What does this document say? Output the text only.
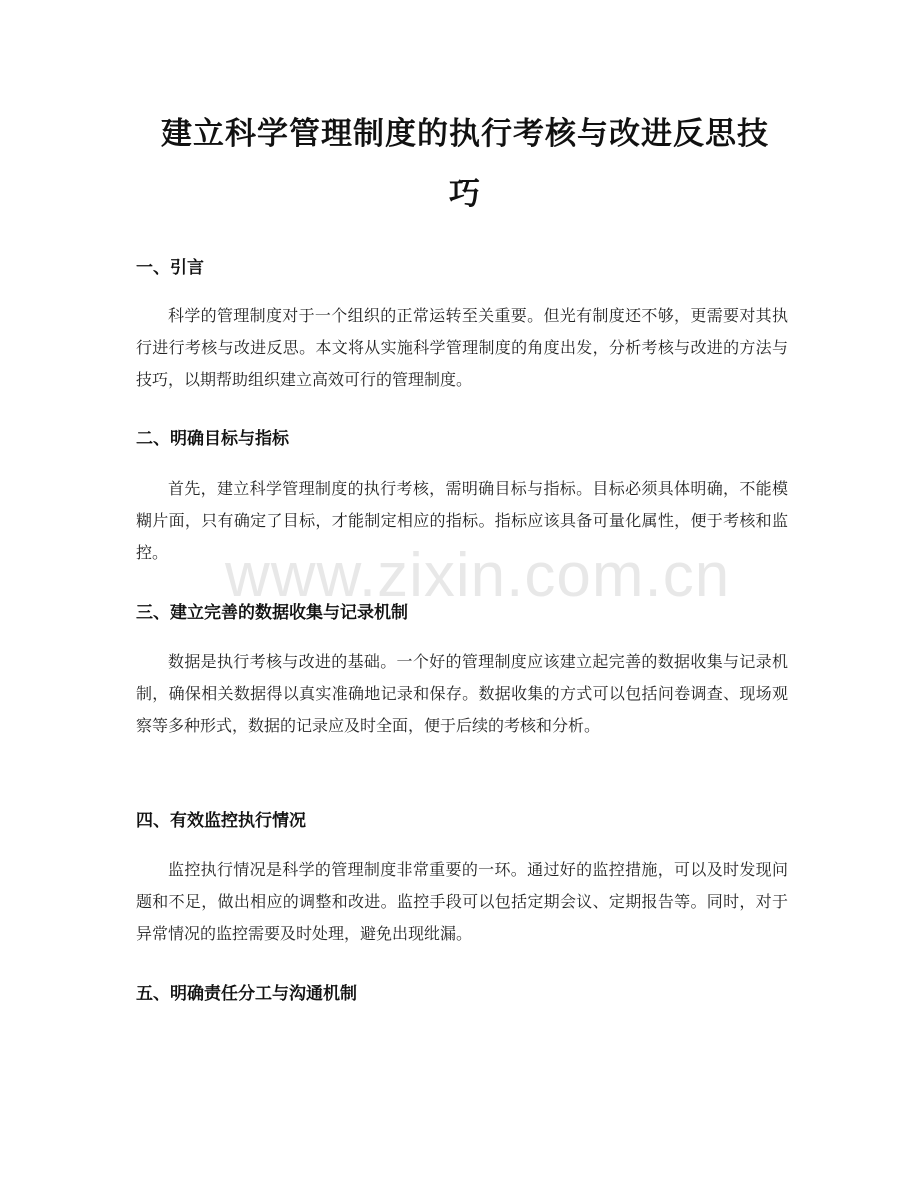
建立科学管理制度的执行考核与改进反思技巧
一、引言

科学的管理制度对于一个组织的正常运转至关重要。但光有制度还不够，更需要对其执行进行考核与改进反思。本文将从实施科学管理制度的角度出发，分析考核与改进的方法与技巧，以期帮助组织建立高效可行的管理制度。

二、明确目标与指标

首先，建立科学管理制度的执行考核，需明确目标与指标。目标必须具体明确，不能模糊片面，只有确定了目标，才能制定相应的指标。指标应该具备可量化属性，便于考核和监控。

三、建立完善的数据收集与记录机制

数据是执行考核与改进的基础。一个好的管理制度应该建立起完善的数据收集与记录机制，确保相关数据得以真实准确地记录和保存。数据收集的方式可以包括问卷调查、现场观察等多种形式，数据的记录应及时全面，便于后续的考核和分析。

四、有效监控执行情况

监控执行情况是科学的管理制度非常重要的一环。通过好的监控措施，可以及时发现问题和不足，做出相应的调整和改进。监控手段可以包括定期会议、定期报告等。同时，对于异常情况的监控需要及时处理，避免出现纰漏。

五、明确责任分工与沟通机制
www.zixin.com.cn
